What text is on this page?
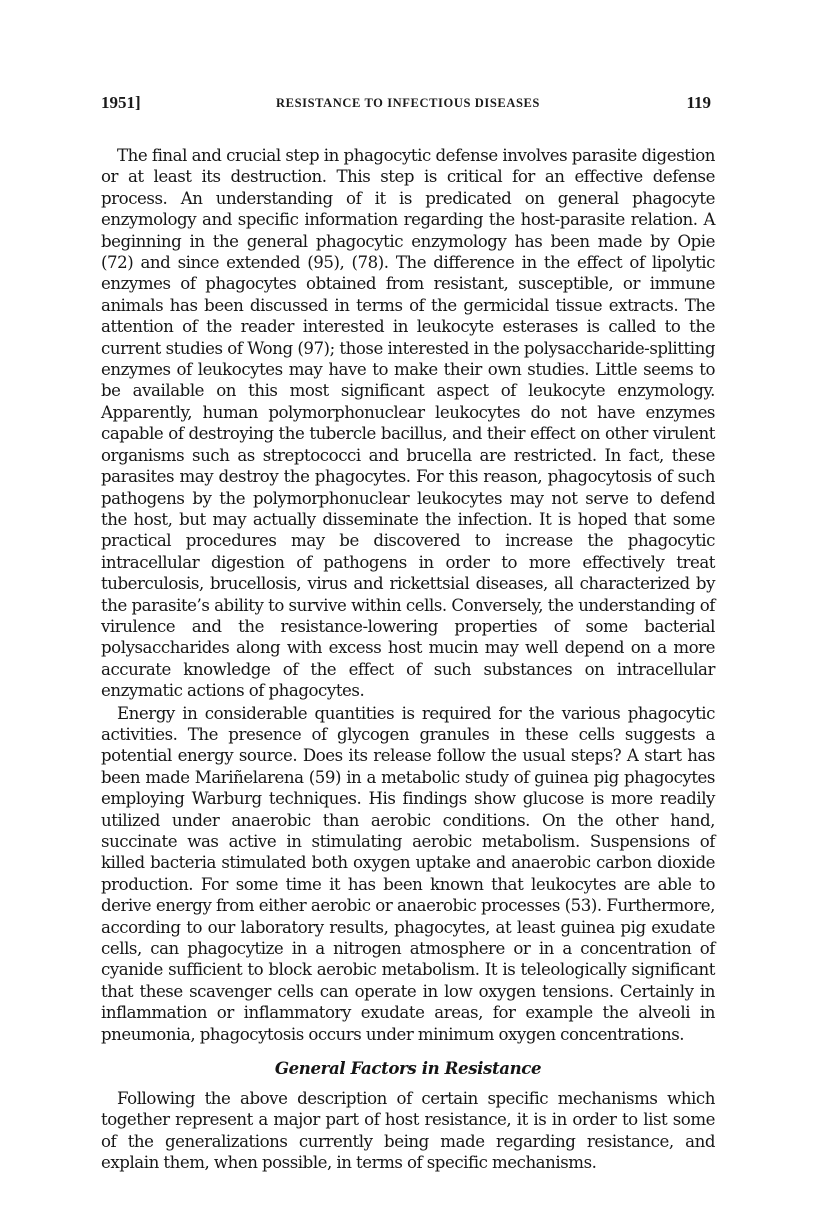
1951]	RESISTANCE TO INFECTIOUS DISEASES	119

The final and crucial step in phagocytic defense involves parasite digestion or at least its destruction. This step is critical for an effective defense process. An understanding of it is predicated on general phagocyte enzymology and specific information regarding the host-parasite relation. A beginning in the general phagocytic enzymology has been made by Opie (72) and since extended (95), (78). The difference in the effect of lipolytic enzymes of phagocytes obtained from resistant, susceptible, or immune animals has been discussed in terms of the germicidal tissue extracts. The attention of the reader interested in leukocyte esterases is called to the current studies of Wong (97); those interested in the polysaccharide-splitting enzymes of leukocytes may have to make their own studies. Little seems to be available on this most significant aspect of leukocyte enzymology. Apparently, human polymorphonuclear leukocytes do not have enzymes capable of destroying the tubercle bacillus, and their effect on other virulent organisms such as streptococci and brucella are restricted. In fact, these parasites may destroy the phagocytes. For this reason, phagocytosis of such pathogens by the polymorphonuclear leukocytes may not serve to defend the host, but may actually disseminate the infection. It is hoped that some practical procedures may be discovered to increase the phagocytic intracellular digestion of pathogens in order to more effectively treat tuberculosis, brucellosis, virus and rickettsial diseases, all characterized by the parasite’s ability to survive within cells. Conversely, the understanding of virulence and the resistance-lowering properties of some bacterial polysaccharides along with excess host mucin may well depend on a more accurate knowledge of the effect of such substances on intracellular enzymatic actions of phagocytes.

Energy in considerable quantities is required for the various phagocytic activities. The presence of glycogen granules in these cells suggests a potential energy source. Does its release follow the usual steps? A start has been made Mariñelarena (59) in a metabolic study of guinea pig phagocytes employing Warburg techniques. His findings show glucose is more readily utilized under anaerobic than aerobic conditions. On the other hand, succinate was active in stimulating aerobic metabolism. Suspensions of killed bacteria stimulated both oxygen uptake and anaerobic carbon dioxide production. For some time it has been known that leukocytes are able to derive energy from either aerobic or anaerobic processes (53). Furthermore, according to our laboratory results, phagocytes, at least guinea pig exudate cells, can phagocytize in a nitrogen atmosphere or in a concentration of cyanide sufficient to block aerobic metabolism. It is teleologically significant that these scavenger cells can operate in low oxygen tensions. Certainly in inflammation or inflammatory exudate areas, for example the alveoli in pneumonia, phagocytosis occurs under minimum oxygen concentrations.

General Factors in Resistance

Following the above description of certain specific mechanisms which together represent a major part of host resistance, it is in order to list some of the generalizations currently being made regarding resistance, and explain them, when possible, in terms of specific mechanisms.
